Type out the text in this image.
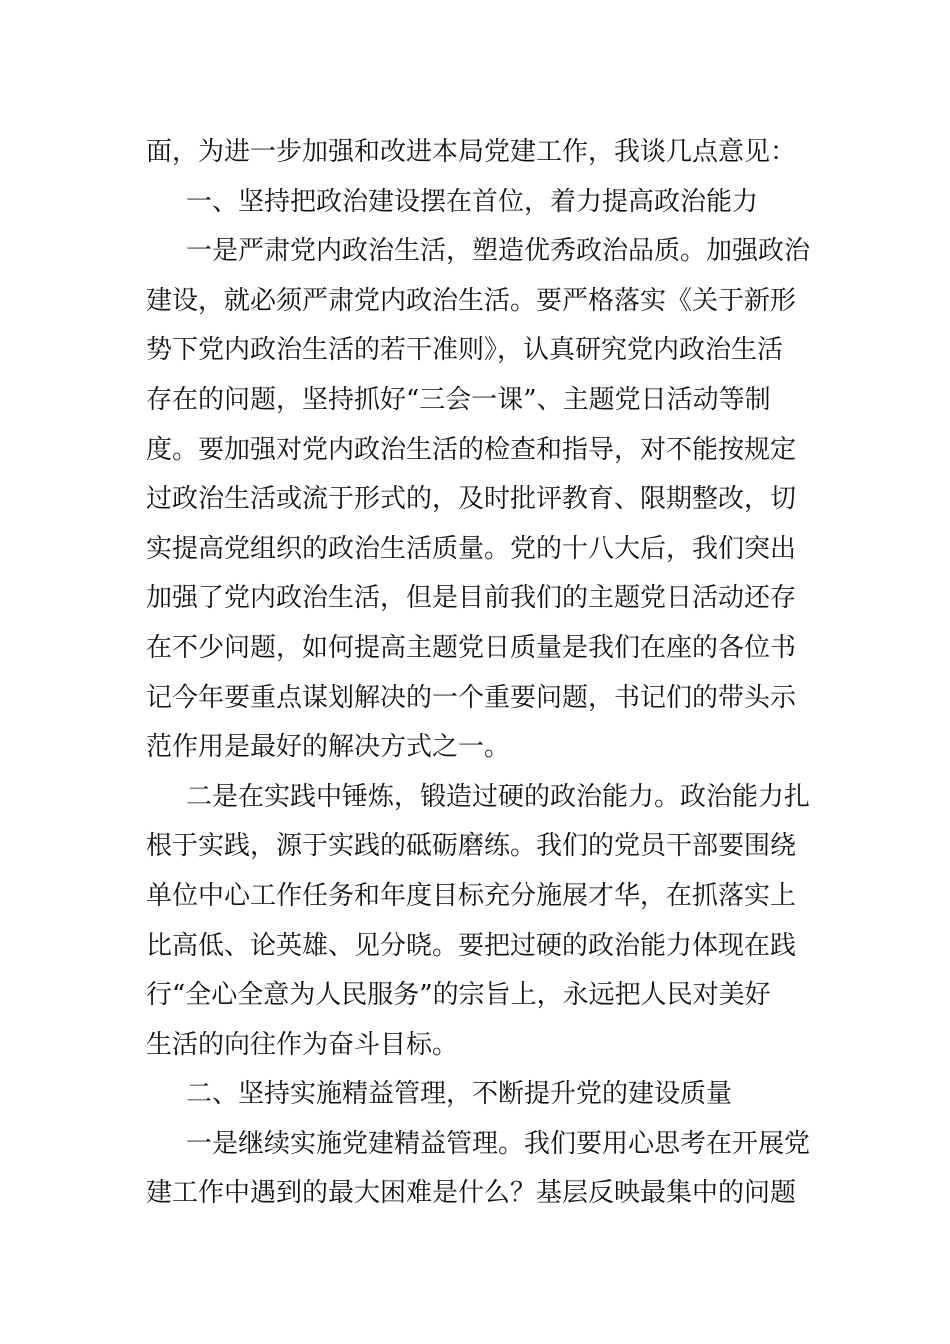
面，为进一步加强和改进本局党建工作，我谈几点意见：
一、坚持把政治建设摆在首位，着力提高政治能力
一是严肃党内政治生活，塑造优秀政治品质。加强政治
建设，就必须严肃党内政治生活。要严格落实《关于新形
势下党内政治生活的若干准则》，认真研究党内政治生活
存在的问题，坚持抓好“三会一课”、主题党日活动等制
度。要加强对党内政治生活的检查和指导，对不能按规定
过政治生活或流于形式的，及时批评教育、限期整改，切
实提高党组织的政治生活质量。党的十八大后，我们突出
加强了党内政治生活，但是目前我们的主题党日活动还存
在不少问题，如何提高主题党日质量是我们在座的各位书
记今年要重点谋划解决的一个重要问题，书记们的带头示
范作用是最好的解决方式之一。
二是在实践中锤炼，锻造过硬的政治能力。政治能力扎
根于实践，源于实践的砥砺磨练。我们的党员干部要围绕
单位中心工作任务和年度目标充分施展才华，在抓落实上
比高低、论英雄、见分晓。要把过硬的政治能力体现在践
行“全心全意为人民服务”的宗旨上，永远把人民对美好
生活的向往作为奋斗目标。
二、坚持实施精益管理，不断提升党的建设质量
一是继续实施党建精益管理。我们要用心思考在开展党
建工作中遇到的最大困难是什么？基层反映最集中的问题
